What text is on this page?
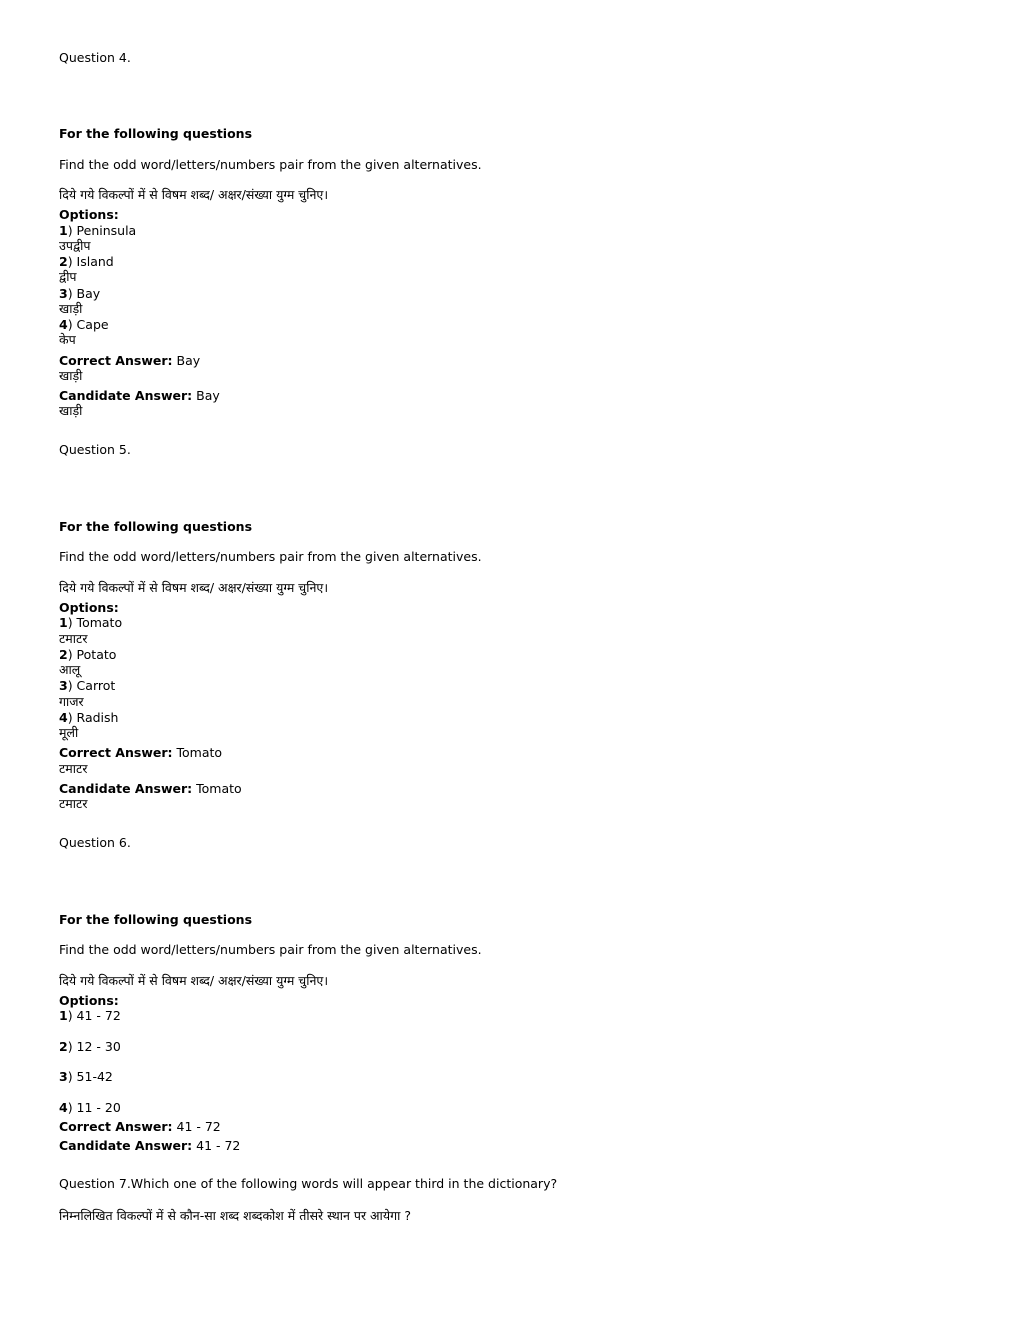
Question 4.
For the following questions
Find the odd word/letters/numbers pair from the given alternatives.
दिये गये विकल्पों में से विषम शब्द/ अक्षर/संख्या युग्म चुनिए।
Options:
1) Peninsula
उपद्वीप
2) Island
द्वीप
3) Bay
खाड़ी
4) Cape
केप
Correct Answer: Bay
खाड़ी
Candidate Answer: Bay
खाड़ी
Question 5.
For the following questions
Find the odd word/letters/numbers pair from the given alternatives.
दिये गये विकल्पों में से विषम शब्द/ अक्षर/संख्या युग्म चुनिए।
Options:
1) Tomato
टमाटर
2) Potato
आलू
3) Carrot
गाजर
4) Radish
मूली
Correct Answer: Tomato
टमाटर
Candidate Answer: Tomato
टमाटर
Question 6.
For the following questions
Find the odd word/letters/numbers pair from the given alternatives.
दिये गये विकल्पों में से विषम शब्द/ अक्षर/संख्या युग्म चुनिए।
Options:
1) 41 - 72
2) 12 - 30
3) 51-42
4) 11 - 20
Correct Answer: 41 - 72
Candidate Answer: 41 - 72
Question 7.Which one of the following words will appear third in the dictionary?
निम्नलिखित विकल्पों में से कौन-सा शब्द शब्दकोश में तीसरे स्थान पर आयेगा ?
